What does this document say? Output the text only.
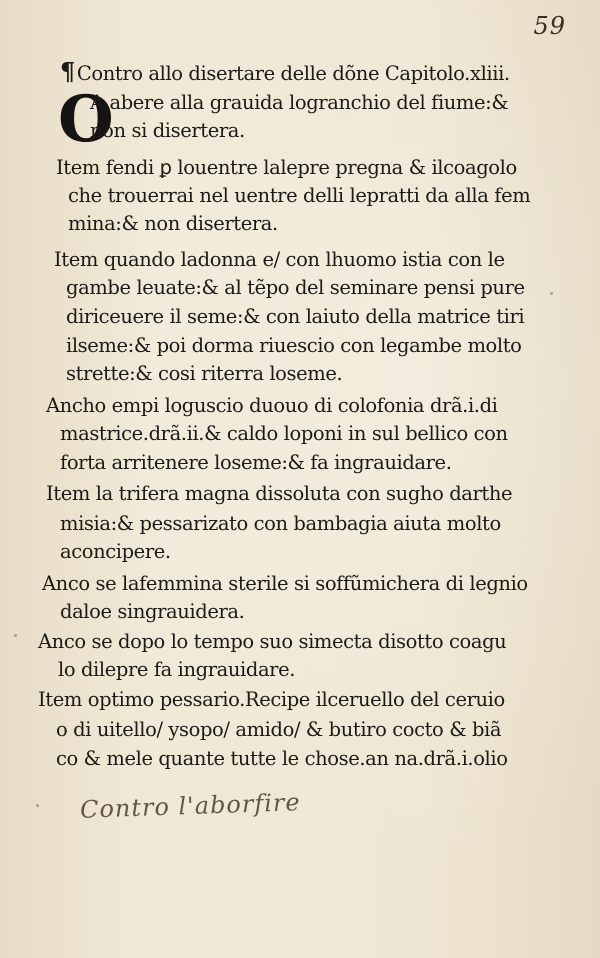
59
O
¶ Contro allo disertare delle dõne Capitolo.xliii.
A abere alla grauida logranchio del fiume:&
non si disertera.
Item fendi ꝑ louentre lalepre pregna & ilcoagolo
che trouerrai nel uentre delli lepratti da alla fem
mina:& non disertera.
Item quando ladonna e/ con lhuomo istia con le
gambe leuate:& al tẽpo del seminare pensi pure
diriceuere il seme:& con laiuto della matrice tiri
ilseme:& poi dorma riuescio con legambe molto
strette:& cosi riterra loseme.
Ancho empi loguscio duouo di colofonia drã.i.di
mastrice.drã.ii.& caldo loponi in sul bellico con
forta arritenere loseme:& fa ingrauidare.
Item la trifera magna dissoluta con sugho darthe
misia:& pessarizato con bambagia aiuta molto
aconcipere.
Anco se lafemmina sterile si soffũmichera di legnio
daloe singrauidera.
Anco se dopo lo tempo suo simecta disotto coagu
lo dilepre fa ingrauidare.
Item optimo pessario.Recipe ilceruello del ceruio
o di uitello/ ysopo/ amido/ & butiro cocto & biã
co & mele quante tutte le chose.an na.drã.i.olio
Contro l'aborfire
